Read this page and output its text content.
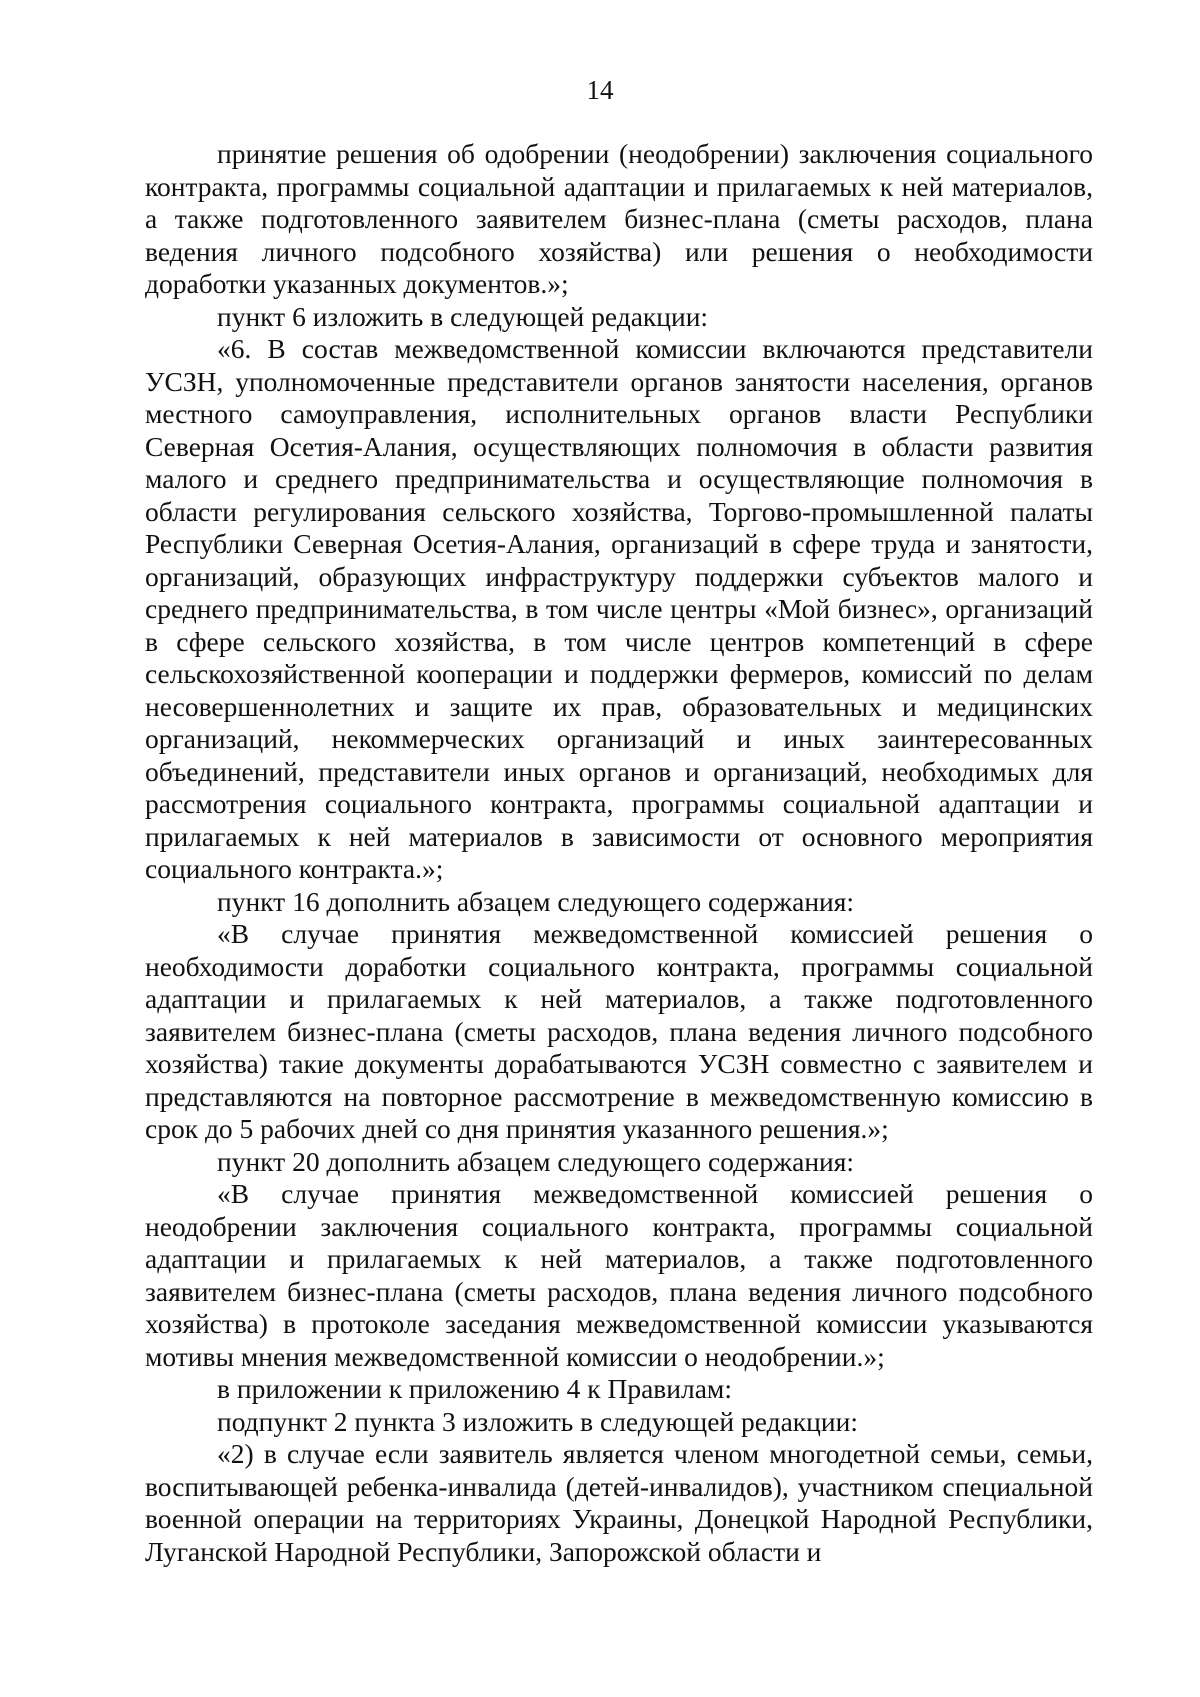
14

принятие решения об одобрении (неодобрении) заключения социального контракта, программы социальной адаптации и прилагаемых к ней материалов, а также подготовленного заявителем бизнес-плана (сметы расходов, плана ведения личного подсобного хозяйства) или решения о необходимости доработки указанных документов.»;

пункт 6 изложить в следующей редакции:

«6. В состав межведомственной комиссии включаются представители УСЗН, уполномоченные представители органов занятости населения, органов местного самоуправления, исполнительных органов власти Республики Северная Осетия-Алания, осуществляющих полномочия в области развития малого и среднего предпринимательства и осуществляющие полномочия в области регулирования сельского хозяйства, Торгово-промышленной палаты Республики Северная Осетия-Алания, организаций в сфере труда и занятости, организаций, образующих инфраструктуру поддержки субъектов малого и среднего предпринимательства, в том числе центры «Мой бизнес», организаций в сфере сельского хозяйства, в том числе центров компетенций в сфере сельскохозяйственной кооперации и поддержки фермеров, комиссий по делам несовершеннолетних и защите их прав, образовательных и медицинских организаций, некоммерческих организаций и иных заинтересованных объединений, представители иных органов и организаций, необходимых для рассмотрения социального контракта, программы социальной адаптации и прилагаемых к ней материалов в зависимости от основного мероприятия социального контракта.»;

пункт 16 дополнить абзацем следующего содержания:

«В случае принятия межведомственной комиссией решения о необходимости доработки социального контракта, программы социальной адаптации и прилагаемых к ней материалов, а также подготовленного заявителем бизнес-плана (сметы расходов, плана ведения личного подсобного хозяйства) такие документы дорабатываются УСЗН совместно с заявителем и представляются на повторное рассмотрение в межведомственную комиссию в срок до 5 рабочих дней со дня принятия указанного решения.»;

пункт 20 дополнить абзацем следующего содержания:

«В случае принятия межведомственной комиссией решения о неодобрении заключения социального контракта, программы социальной адаптации и прилагаемых к ней материалов, а также подготовленного заявителем бизнес-плана (сметы расходов, плана ведения личного подсобного хозяйства) в протоколе заседания межведомственной комиссии указываются мотивы мнения межведомственной комиссии о неодобрении.»;

в приложении к приложению 4 к Правилам:

подпункт 2 пункта 3 изложить в следующей редакции:

«2) в случае если заявитель является членом многодетной семьи, семьи, воспитывающей ребенка-инвалида (детей-инвалидов), участником специальной военной операции на территориях Украины, Донецкой Народной Республики, Луганской Народной Республики, Запорожской области и
